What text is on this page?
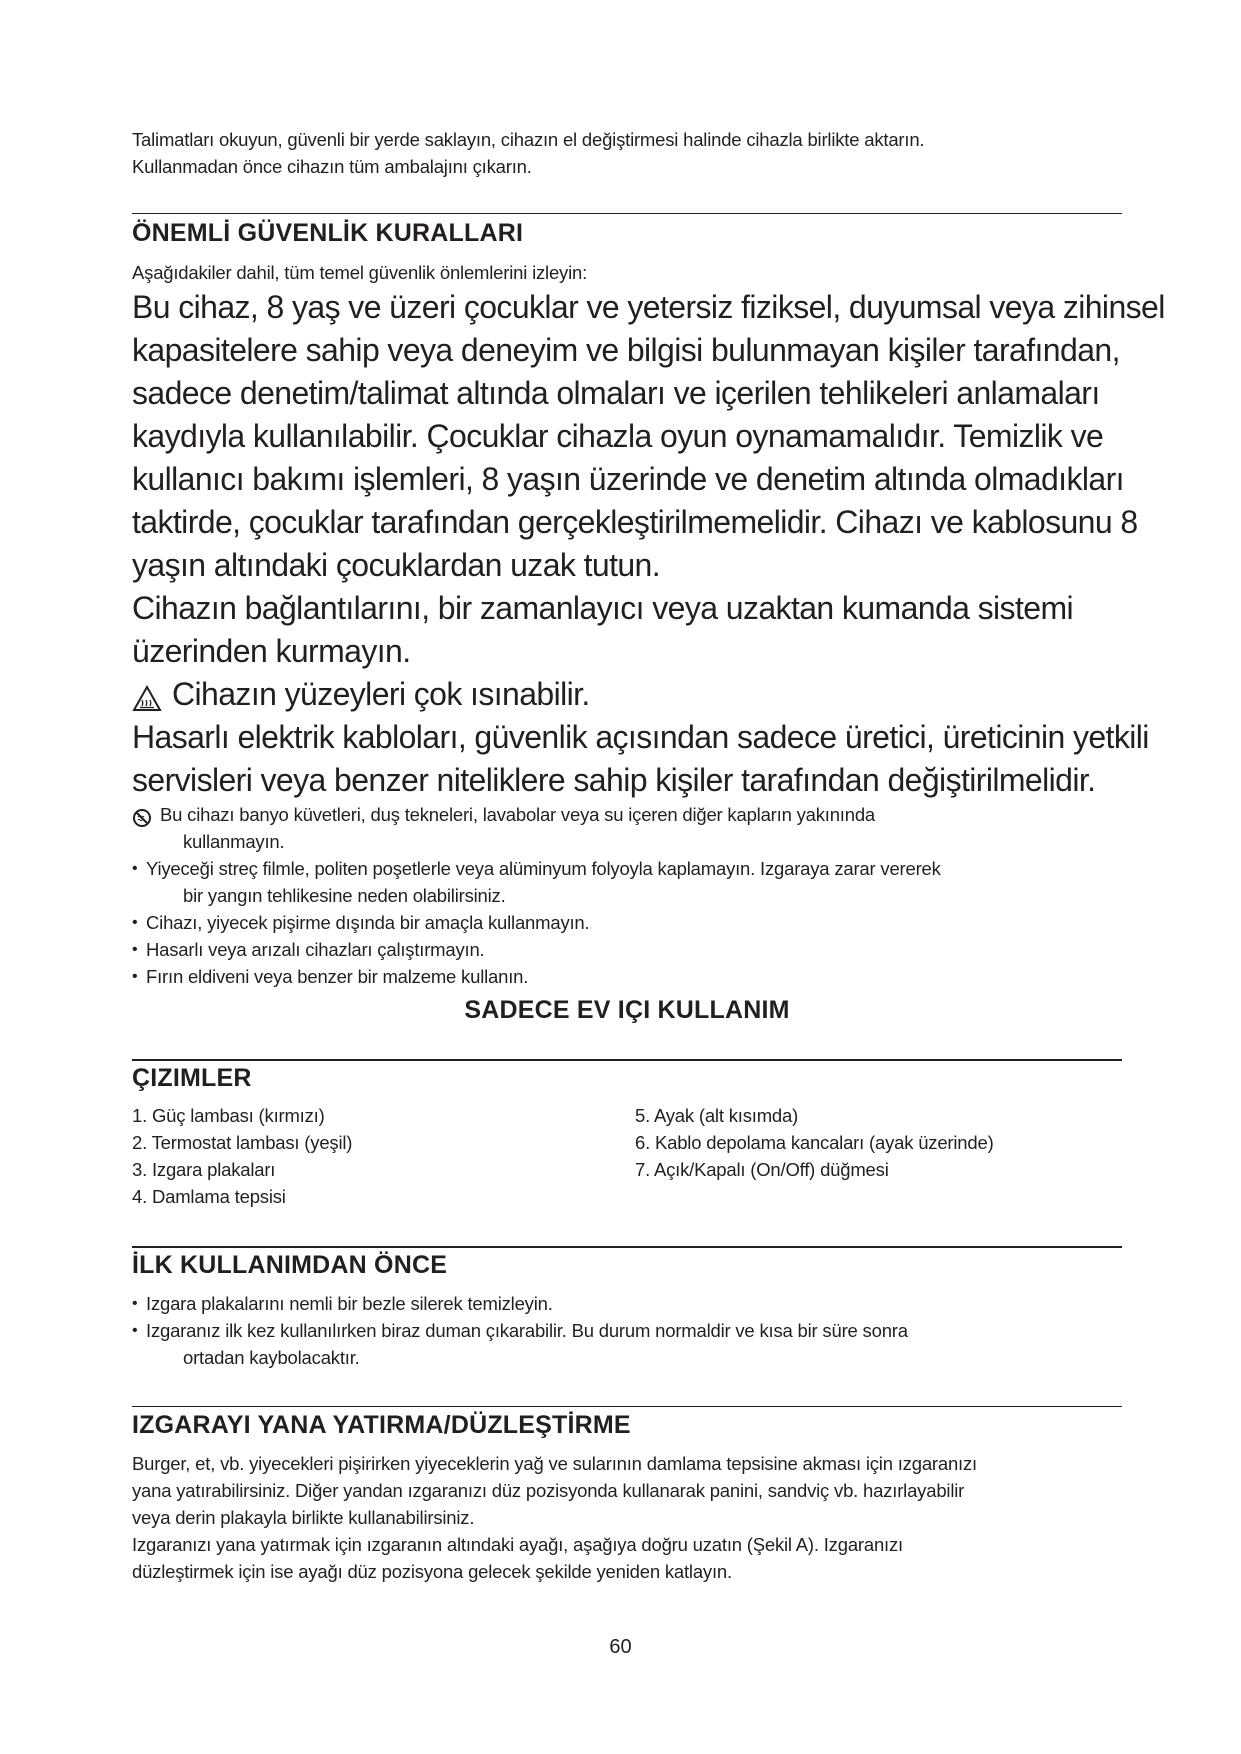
Talimatları okuyun, güvenli bir yerde saklayın, cihazın el değiştirmesi halinde cihazla birlikte aktarın.
Kullanmadan önce cihazın tüm ambalajını çıkarın.
ÖNEMLİ GÜVENLİK KURALLARI
Aşağıdakiler dahil, tüm temel güvenlik önlemlerini izleyin:
Bu cihaz, 8 yaş ve üzeri çocuklar ve yetersiz fiziksel, duyumsal veya zihinsel
kapasitelere sahip veya deneyim ve bilgisi bulunmayan kişiler tarafından,
sadece denetim/talimat altında olmaları ve içerilen tehlikeleri anlamaları
kaydıyla kullanılabilir. Çocuklar cihazla oyun oynamamalıdır. Temizlik ve
kullanıcı bakımı işlemleri, 8 yaşın üzerinde ve denetim altında olmadıkları
taktirde, çocuklar tarafından gerçekleştirilmemelidir. Cihazı ve kablosunu 8
yaşın altındaki çocuklardan uzak tutun.
Cihazın bağlantılarını, bir zamanlayıcı veya uzaktan kumanda sistemi
üzerinden kurmayın.
Cihazın yüzeyleri çok ısınabilir.
Hasarlı elektrik kabloları, güvenlik açısından sadece üretici, üreticinin yetkili
servisleri veya benzer niteliklere sahip kişiler tarafından değiştirilmelidir.
Bu cihazı banyo küvetleri, duş tekneleri, lavabolar veya su içeren diğer kapların yakınında
kullanmayın.
• Yiyeceği streç filmle, politen poşetlerle veya alüminyum folyoyla kaplamayın. Izgaraya zarar vererek
bir yangın tehlikesine neden olabilirsiniz.
• Cihazı, yiyecek pişirme dışında bir amaçla kullanmayın.
• Hasarlı veya arızalı cihazları çalıştırmayın.
• Fırın eldiveni veya benzer bir malzeme kullanın.
SADECE EV IÇI KULLANIM
ÇIZIMLER
1. Güç lambası (kırmızı)
2. Termostat lambası (yeşil)
3. Izgara plakaları
4. Damlama tepsisi
5. Ayak (alt kısımda)
6. Kablo depolama kancaları (ayak üzerinde)
7. Açık/Kapalı (On/Off) düğmesi
İLK KULLANIMDAN ÖNCE
• Izgara plakalarını nemli bir bezle silerek temizleyin.
• Izgaranız ilk kez kullanılırken biraz duman çıkarabilir. Bu durum normaldir ve kısa bir süre sonra
ortadan kaybolacaktır.
IZGARAYI YANA YATIRMA/DÜZLEŞTİRME
Burger, et, vb. yiyecekleri pişirirken yiyeceklerin yağ ve sularının damlama tepsisine akması için ızgaranızı
yana yatırabilirsiniz. Diğer yandan ızgaranızı düz pozisyonda kullanarak panini, sandviç vb. hazırlayabilir
veya derin plakayla birlikte kullanabilirsiniz.
Izgaranızı yana yatırmak için ızgaranın altındaki ayağı, aşağıya doğru uzatın (Şekil A). Izgaranızı
düzleştirmek için ise ayağı düz pozisyona gelecek şekilde yeniden katlayın.
60
